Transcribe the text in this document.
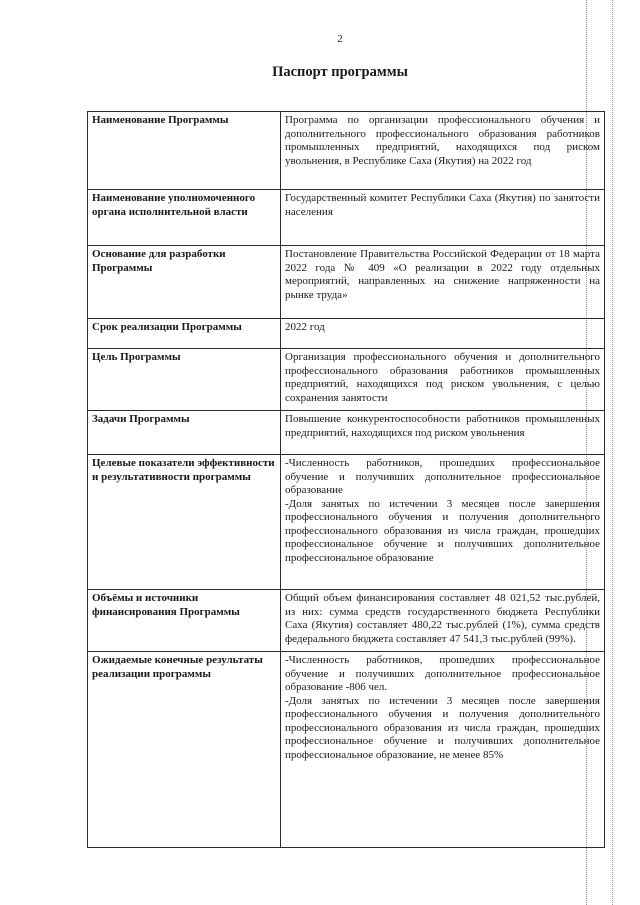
2
Паспорт программы
Наименование Программы	Программа по организации профессионального обучения и дополнительного профессионального образования работников промышленных предприятий, находящихся под риском увольнения, в Республике Саха (Якутия) на 2022 год

Наименование уполномоченного органа исполнительной власти	Государственный комитет Республики Саха (Якутия) по занятости населения

Основание для разработки Программы	Постановление Правительства Российской Федерации от 18 марта 2022 года № 409 «О реализации в 2022 году отдельных мероприятий, направленных на снижение напряженности на рынке труда»

Срок реализации Программы	2022 год

Цель Программы	Организация профессионального обучения и дополнительного профессионального образования работников промышленных предприятий, находящихся под риском увольнения, с целью сохранения занятости

Задачи Программы	Повышение конкурентоспособности работников промышленных предприятий, находящихся под риском увольнения

Целевые показатели эффективности и результативности программы	-Численность работников, прошедших профессиональное обучение и получивших дополнительное профессиональное образование
-Доля занятых по истечении 3 месяцев после завершения профессионального обучения и получения дополнительного профессионального образования из числа граждан, прошедших профессиональное обучение и получивших дополнительное профессиональное образование

Объёмы и источники финансирования Программы	Общий объем финансирования составляет 48 021,52 тыс.рублей, из них: сумма средств государственного бюджета Республики Саха (Якутия) составляет 480,22 тыс.рублей (1%), сумма средств федерального бюджета составляет 47 541,3 тыс.рублей (99%).

Ожидаемые конечные результаты реализации программы	-Численность работников, прошедших профессиональное обучение и получивших дополнительное профессиональное образование -806 чел.
-Доля занятых по истечении 3 месяцев после завершения профессионального обучения и получения дополнительного профессионального образования из числа граждан, прошедших профессиональное обучение и получивших дополнительное профессиональное образование, не менее 85%
